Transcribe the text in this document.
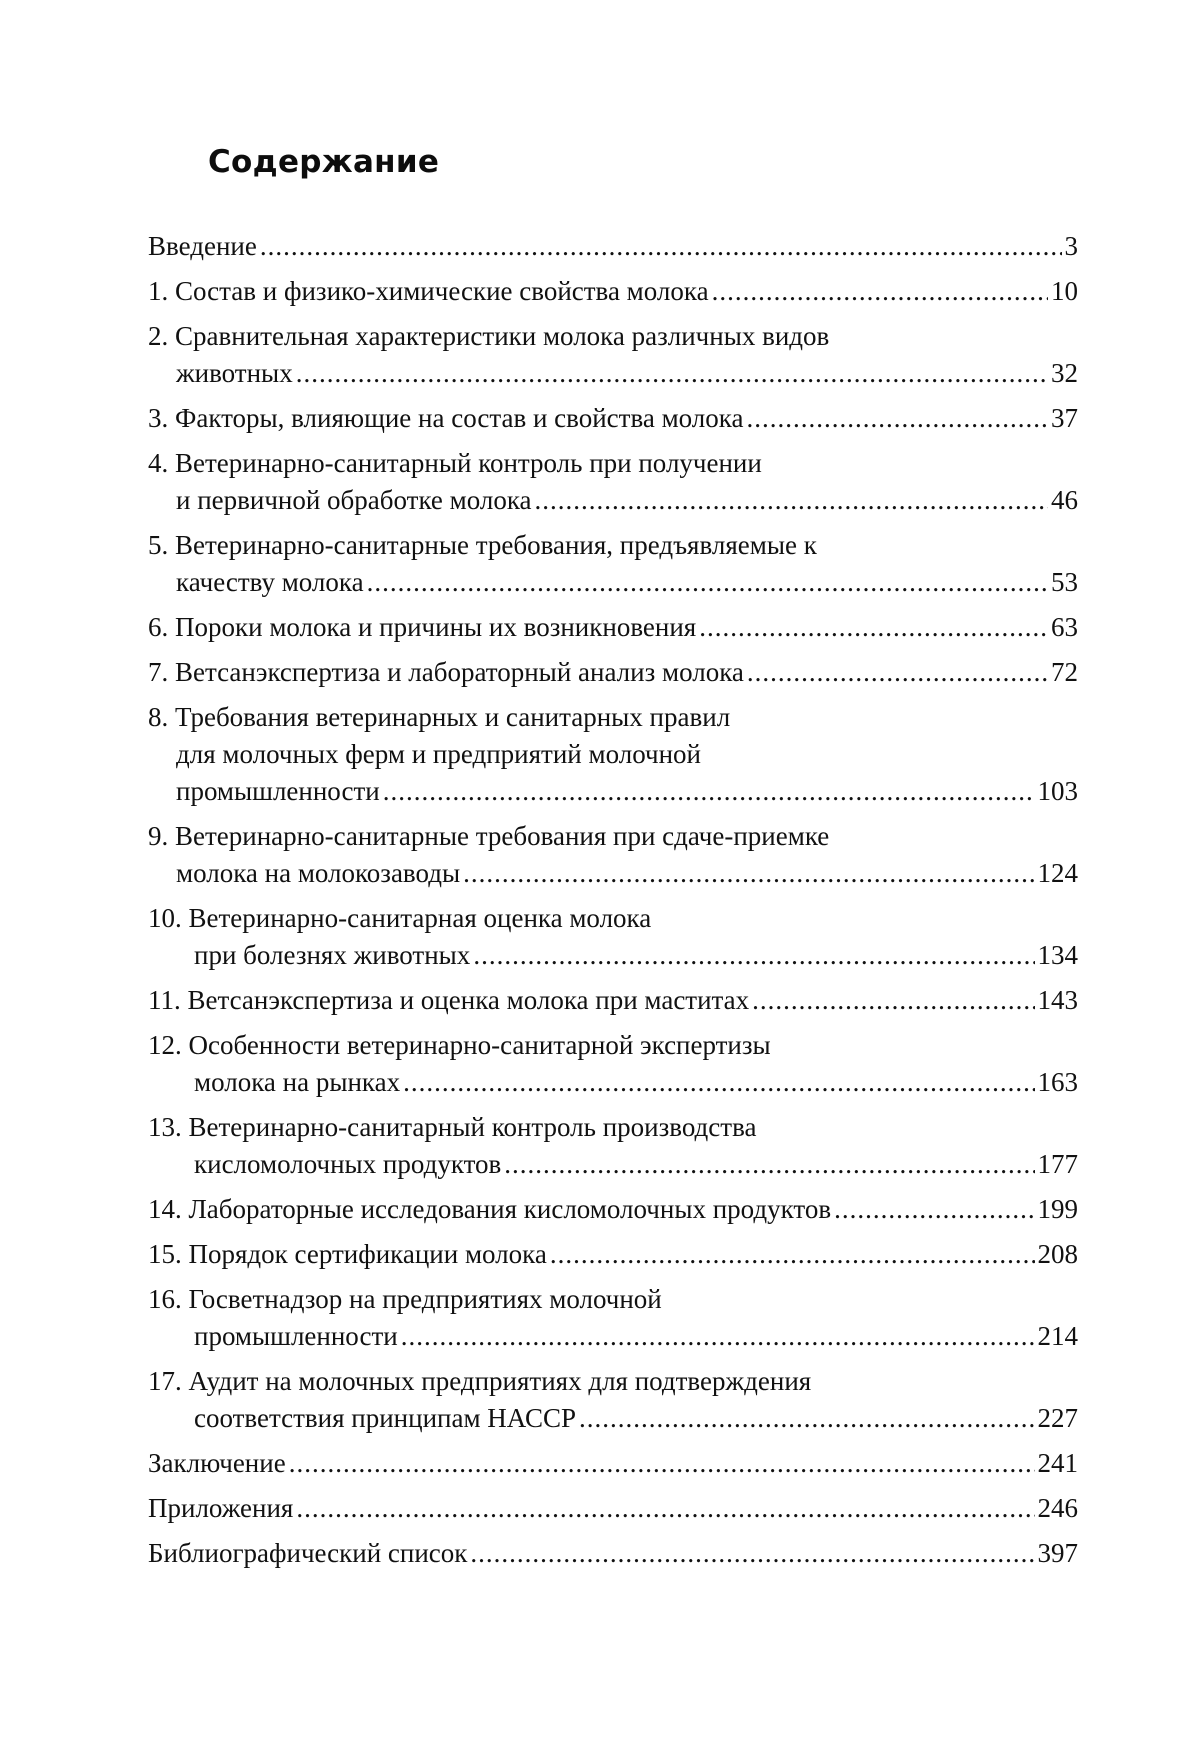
Содержание
Введение .....	3
1. Состав и физико-химические свойства молока .....	10
2. Сравнительная характеристики молока различных видов
животных .....	32
3. Факторы, влияющие на состав и свойства молока .....	37
4. Ветеринарно-санитарный контроль при получении
и первичной обработке молока .....	46
5. Ветеринарно-санитарные требования, предъявляемые к
качеству молока .....	53
6. Пороки молока и причины их возникновения .....	63
7. Ветсанэкспертиза и лабораторный анализ молока .....	72
8. Требования ветеринарных и санитарных правил
для молочных ферм и предприятий молочной
промышленности .....	103
9. Ветеринарно-санитарные требования при сдаче-приемке
молока на молокозаводы .....	124
10. Ветеринарно-санитарная оценка молока
при болезнях животных .....	134
11. Ветсанэкспертиза и оценка молока при маститах .....	143
12. Особенности ветеринарно-санитарной экспертизы
молока на рынках .....	163
13. Ветеринарно-санитарный контроль производства
кисломолочных продуктов .....	177
14. Лабораторные исследования кисломолочных продуктов .....	199
15. Порядок сертификации молока .....	208
16. Госветнадзор на предприятиях молочной
промышленности .....	214
17. Аудит на молочных предприятиях для подтверждения
соответствия принципам НАССР .....	227
Заключение .....	241
Приложения .....	246
Библиографический список .....	397
